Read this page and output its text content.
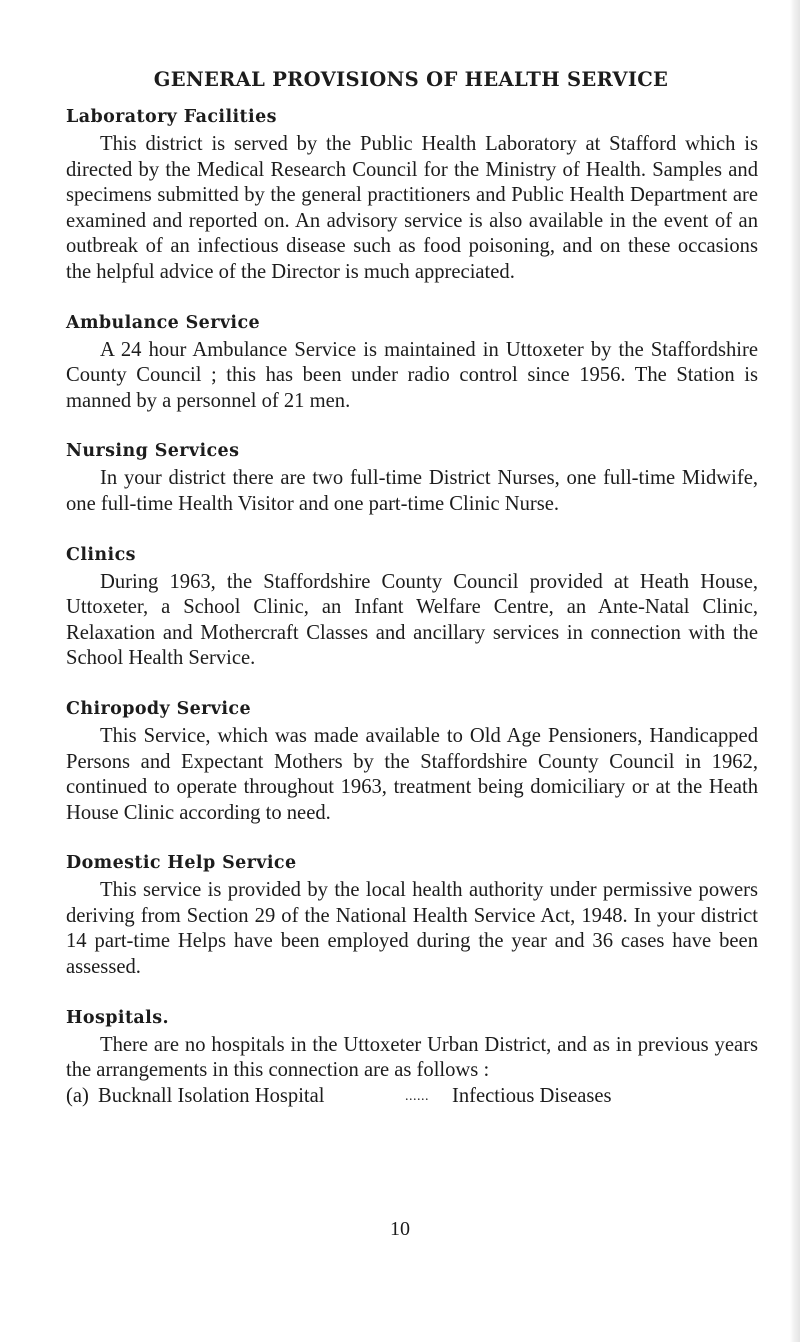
GENERAL PROVISIONS OF HEALTH SERVICE
Laboratory Facilities

This district is served by the Public Health Laboratory at Stafford which is directed by the Medical Research Council for the Ministry of Health. Samples and specimens submitted by the general practitioners and Public Health Department are examined and reported on. An advisory service is also available in the event of an outbreak of an infectious disease such as food poisoning, and on these occasions the helpful advice of the Director is much appreciated.

Ambulance Service

A 24 hour Ambulance Service is maintained in Uttoxeter by the Staffordshire County Council ; this has been under radio control since 1956. The Station is manned by a personnel of 21 men.

Nursing Services

In your district there are two full-time District Nurses, one full-time Midwife, one full-time Health Visitor and one part-time Clinic Nurse.

Clinics

During 1963, the Staffordshire County Council provided at Heath House, Uttoxeter, a School Clinic, an Infant Welfare Centre, an Ante-Natal Clinic, Relaxation and Mothercraft Classes and ancillary services in connection with the School Health Service.

Chiropody Service

This Service, which was made available to Old Age Pensioners, Handicapped Persons and Expectant Mothers by the Staffordshire County Council in 1962, continued to operate throughout 1963, treatment being domiciliary or at the Heath House Clinic according to need.

Domestic Help Service

This service is provided by the local health authority under permissive powers deriving from Section 29 of the National Health Service Act, 1948. In your district 14 part-time Helps have been employed during the year and 36 cases have been assessed.

Hospitals.

There are no hospitals in the Uttoxeter Urban District, and as in previous years the arrangements in this connection are as follows :

(a) Bucknall Isolation Hospital	......	Infectious Diseases
10
